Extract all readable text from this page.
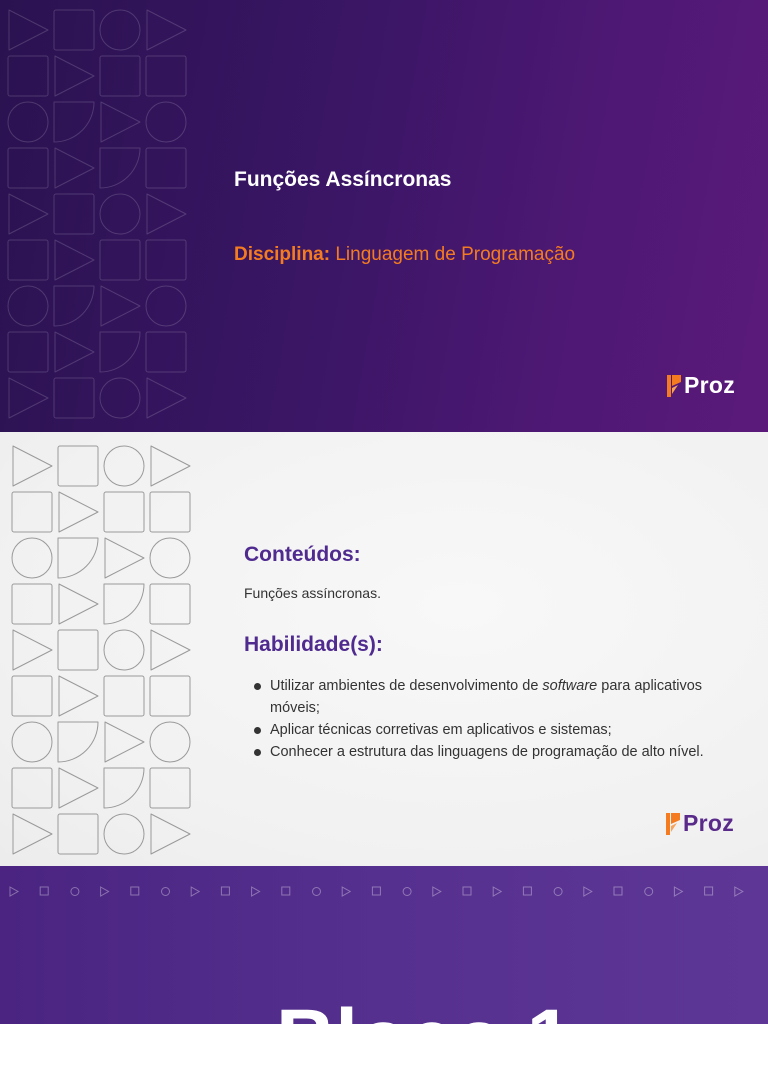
Funções Assíncronas
Disciplina: Linguagem de Programação
Proz
Conteúdos:
Funções assíncronas.
Habilidade(s):
Utilizar ambientes de desenvolvimento de software para aplicativos móveis;
Aplicar técnicas corretivas em aplicativos e sistemas;
Conhecer a estrutura das linguagens de programação de alto nível.
Proz
Bloco 1
